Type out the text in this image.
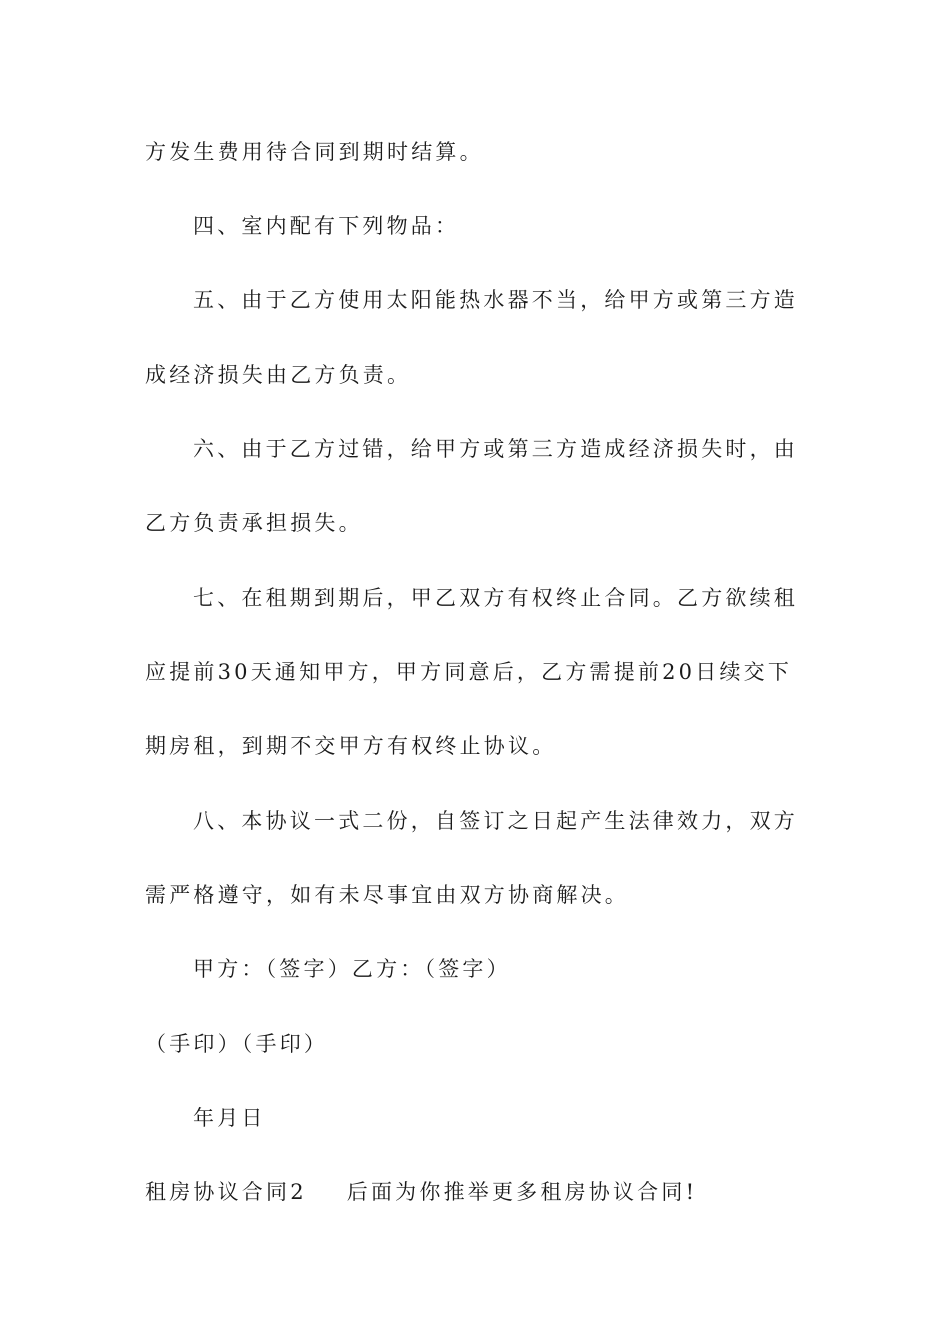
方发生费用待合同到期时结算。
四、室内配有下列物品：
五、由于乙方使用太阳能热水器不当，给甲方或第三方造
成经济损失由乙方负责。
六、由于乙方过错，给甲方或第三方造成经济损失时，由
乙方负责承担损失。
七、在租期到期后，甲乙双方有权终止合同。乙方欲续租
应提前30天通知甲方，甲方同意后，乙方需提前20日续交下
期房租，到期不交甲方有权终止协议。
八、本协议一式二份，自签订之日起产生法律效力，双方
需严格遵守，如有未尽事宜由双方协商解决。
甲方：（签字）乙方：（签字）
（手印）（手印）
年月日
租房协议合同2 后面为你推举更多租房协议合同!
